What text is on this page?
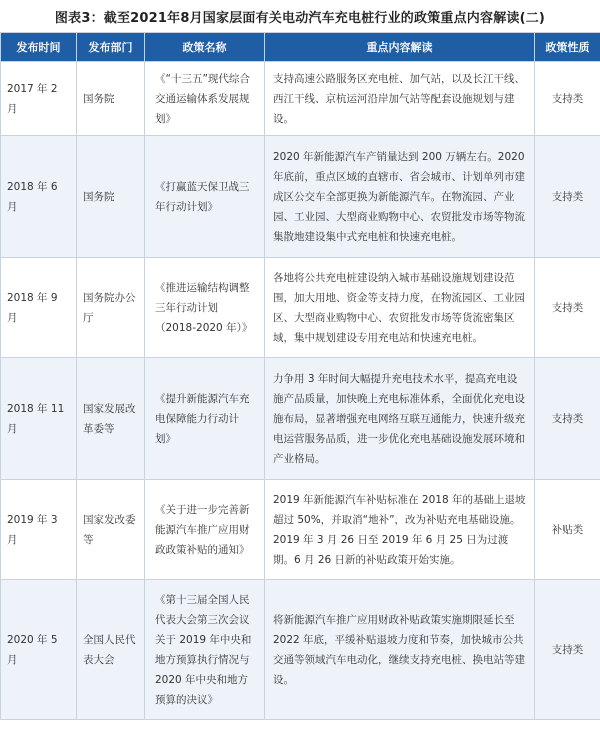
图表3：截至2021年8月国家层面有关电动汽车充电桩行业的政策重点内容解读(二)
发布时间	发布部门	政策名称	重点内容解读	政策性质
2017 年 2 月	国务院	《“十三五”现代综合交通运输体系发展规划》	支持高速公路服务区充电桩、加气站，以及长江干线、西江干线、京杭运河沿岸加气站等配套设施规划与建设。	支持类
2018 年 6 月	国务院	《打赢蓝天保卫战三年行动计划》	2020 年新能源汽车产销量达到 200 万辆左右。2020 年底前，重点区域的直辖市、省会城市、计划单列市建成区公交车全部更换为新能源汽车。在物流园、产业园、工业园、大型商业购物中心、农贸批发市场等物流集散地建设集中式充电桩和快速充电桩。	支持类
2018 年 9 月	国务院办公厅	《推进运输结构调整三年行动计划（2018-2020 年）》	各地将公共充电桩建设纳入城市基础设施规划建设范围，加大用地、资金等支持力度，在物流园区、工业园区、大型商业购物中心、农贸批发市场等货流密集区域，集中规划建设专用充电站和快速充电桩。	支持类
2018 年 11 月	国家发展改革委等	《提升新能源汽车充电保障能力行动计划》	力争用 3 年时间大幅提升充电技术水平，提高充电设施产品质量，加快晚上充电标准体系，全面优化充电设施布局，显著增强充电网络互联互通能力，快速升级充电运营服务品质，进一步优化充电基础设施发展环境和产业格局。	支持类
2019 年 3 月	国家发改委等	《关于进一步完善新能源汽车推广应用财政政策补贴的通知》	2019 年新能源汽车补贴标准在 2018 年的基础上退坡超过 50%，并取消“地补”，改为补贴充电基础设施。2019 年 3 月 26 日至 2019 年 6 月 25 日为过渡期。6 月 26 日新的补贴政策开始实施。	补贴类
2020 年 5 月	全国人民代表大会	《第十三届全国人民代表大会第三次会议关于 2019 年中央和地方预算执行情况与 2020 年中央和地方预算的决议》	将新能源汽车推广应用财政补贴政策实施期限延长至 2022 年底，平缓补贴退坡力度和节奏，加快城市公共交通等领域汽车电动化，继续支持充电桩、换电站等建设。	支持类
